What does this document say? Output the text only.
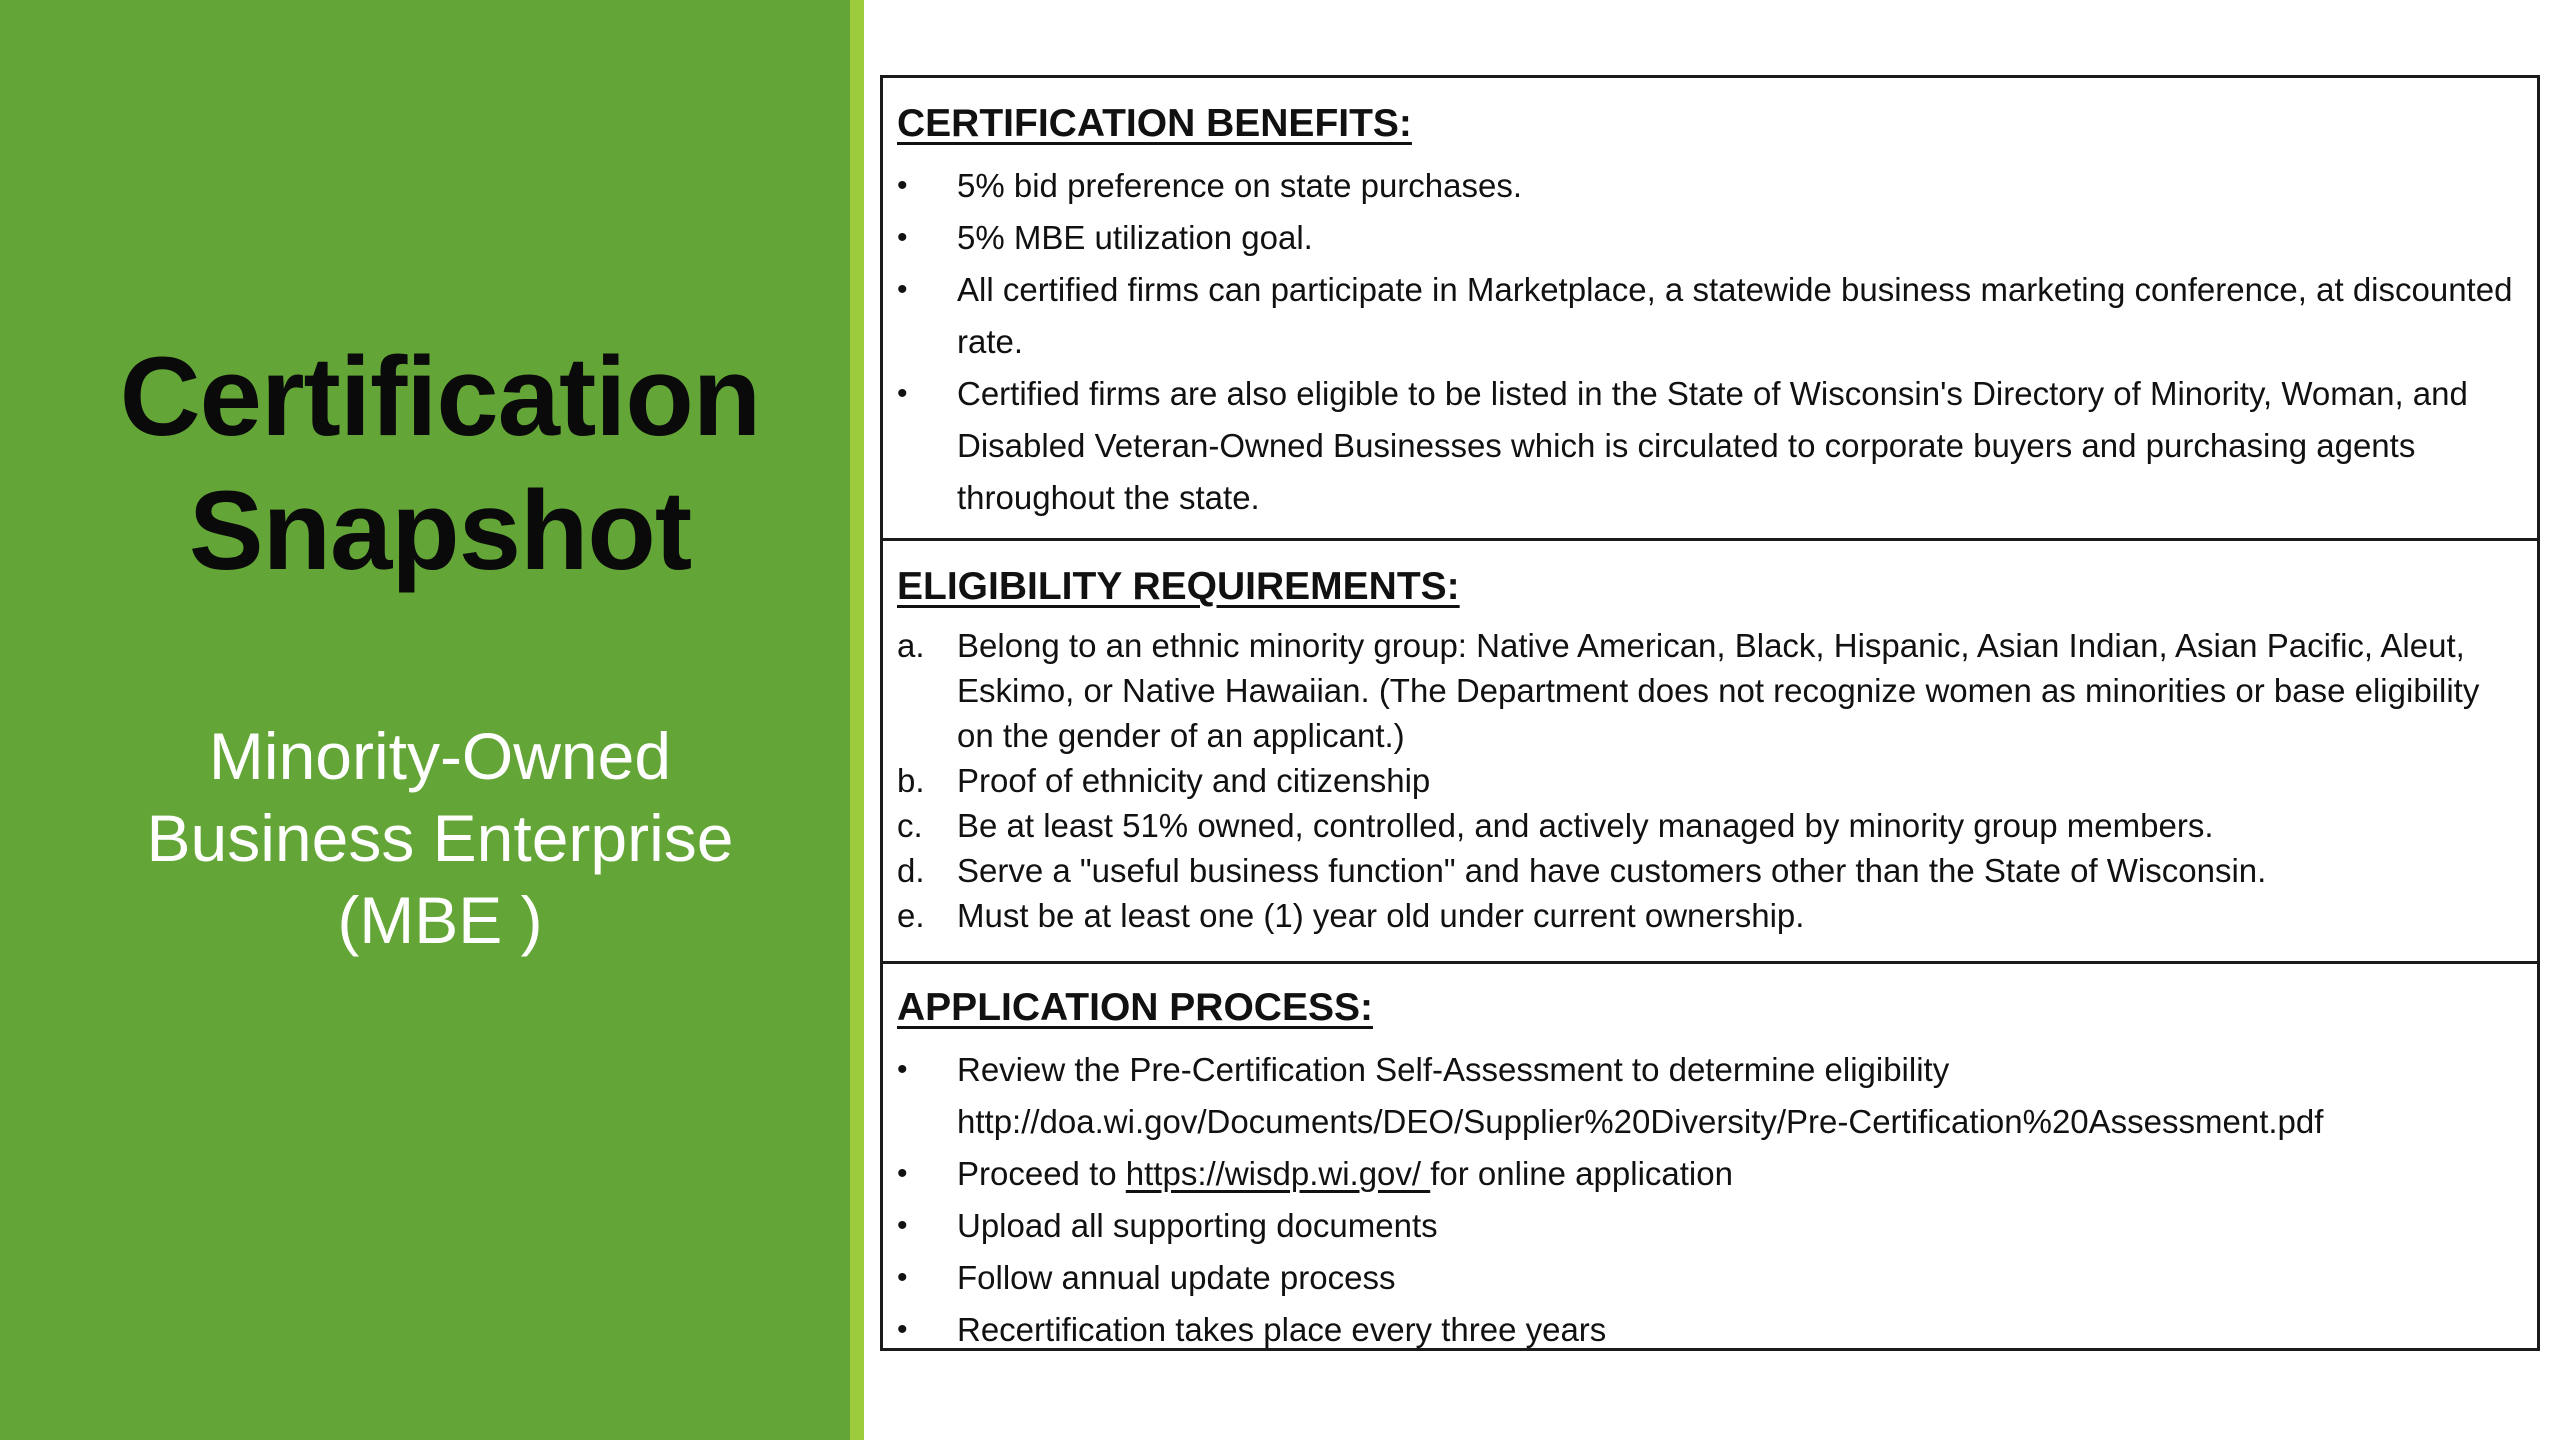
Certification
Snapshot
Minority-Owned
Business Enterprise
(MBE )
CERTIFICATION BENEFITS:
•	5% bid preference on state purchases.
•	5% MBE utilization goal.
•	All certified firms can participate in Marketplace, a statewide business marketing conference, at discounted rate.
•	Certified firms are also eligible to be listed in the State of Wisconsin's Directory of Minority, Woman, and Disabled Veteran-Owned Businesses which is circulated to corporate buyers and purchasing agents throughout the state.
ELIGIBILITY REQUIREMENTS:
a. Belong to an ethnic minority group: Native American, Black, Hispanic, Asian Indian, Asian Pacific, Aleut, Eskimo, or Native Hawaiian. (The Department does not recognize women as minorities or base eligibility on the gender of an applicant.)
b. Proof of ethnicity and citizenship
c.	Be at least 51% owned, controlled, and actively managed by minority group members.
d. Serve a "useful business function" and have customers other than the State of Wisconsin.
e. Must be at least one (1) year old under current ownership.
APPLICATION PROCESS:
•	Review the Pre-Certification Self-Assessment to determine eligibility
http://doa.wi.gov/Documents/DEO/Supplier%20Diversity/Pre-Certification%20Assessment.pdf
•	Proceed to https://wisdp.wi.gov/ for online application
•	Upload all supporting documents
•	Follow annual update process
•	Recertification takes place every three years
